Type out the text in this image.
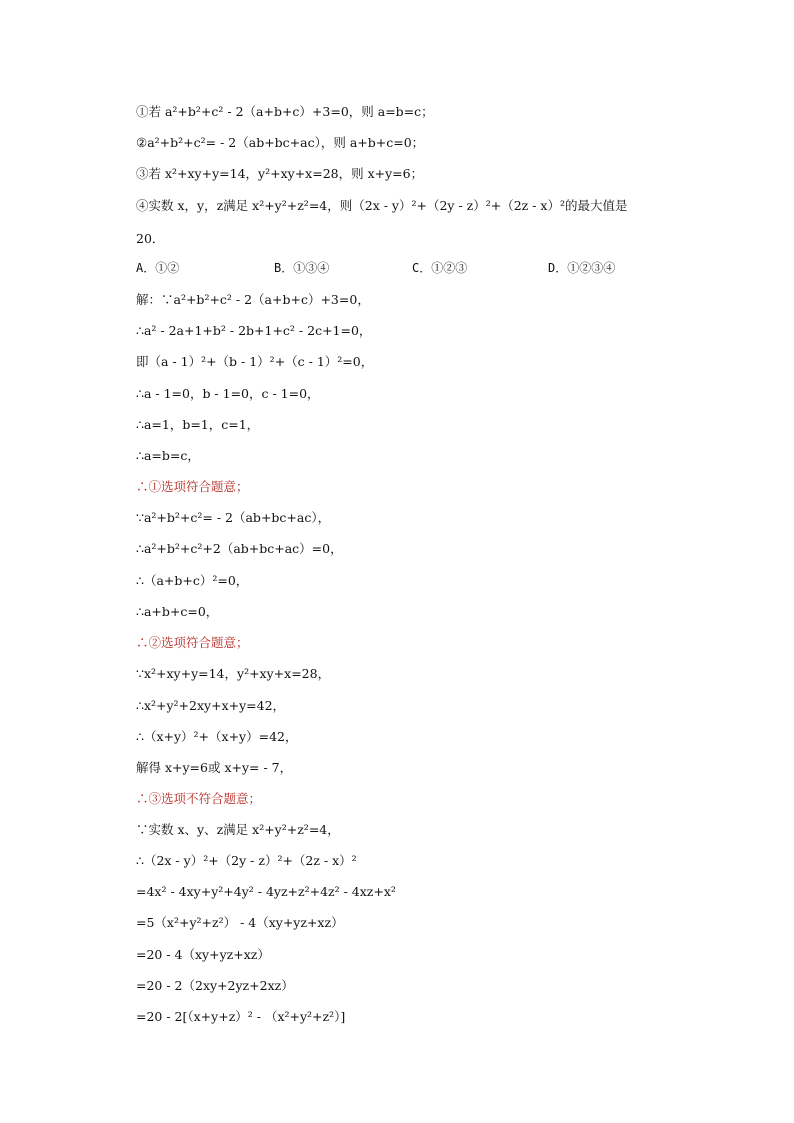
①若 a²+b²+c² - 2（a+b+c）+3=0，则 a=b=c；
②a²+b²+c²= - 2（ab+bc+ac），则 a+b+c=0；
③若 x²+xy+y=14，y²+xy+x=28，则 x+y=6；
④实数 x，y，z满足 x²+y²+z²=4，则（2x - y）²+（2y - z）²+（2z - x）²的最大值是
20．
A．①②	B．①③④	C．①②③	D．①②③④
解：∵a²+b²+c² - 2（a+b+c）+3=0，
∴a² - 2a+1+b² - 2b+1+c² - 2c+1=0，
即（a - 1）²+（b - 1）²+（c - 1）²=0，
∴a - 1=0，b - 1=0，c - 1=0，
∴a=1，b=1，c=1，
∴a=b=c，
∴①选项符合题意；
∵a²+b²+c²= - 2（ab+bc+ac），
∴a²+b²+c²+2（ab+bc+ac）=0，
∴（a+b+c）²=0，
∴a+b+c=0，
∴②选项符合题意；
∵x²+xy+y=14，y²+xy+x=28，
∴x²+y²+2xy+x+y=42，
∴（x+y）²+（x+y）=42，
解得 x+y=6或 x+y= - 7，
∴③选项不符合题意；
∵实数 x、y、z满足 x²+y²+z²=4，
∴（2x - y）²+（2y - z）²+（2z - x）²
=4x² - 4xy+y²+4y² - 4yz+z²+4z² - 4xz+x²
=5（x²+y²+z²） - 4（xy+yz+xz）
=20 - 4（xy+yz+xz）
=20 - 2（2xy+2yz+2xz）
=20 - 2[（x+y+z）² - （x²+y²+z²）]
